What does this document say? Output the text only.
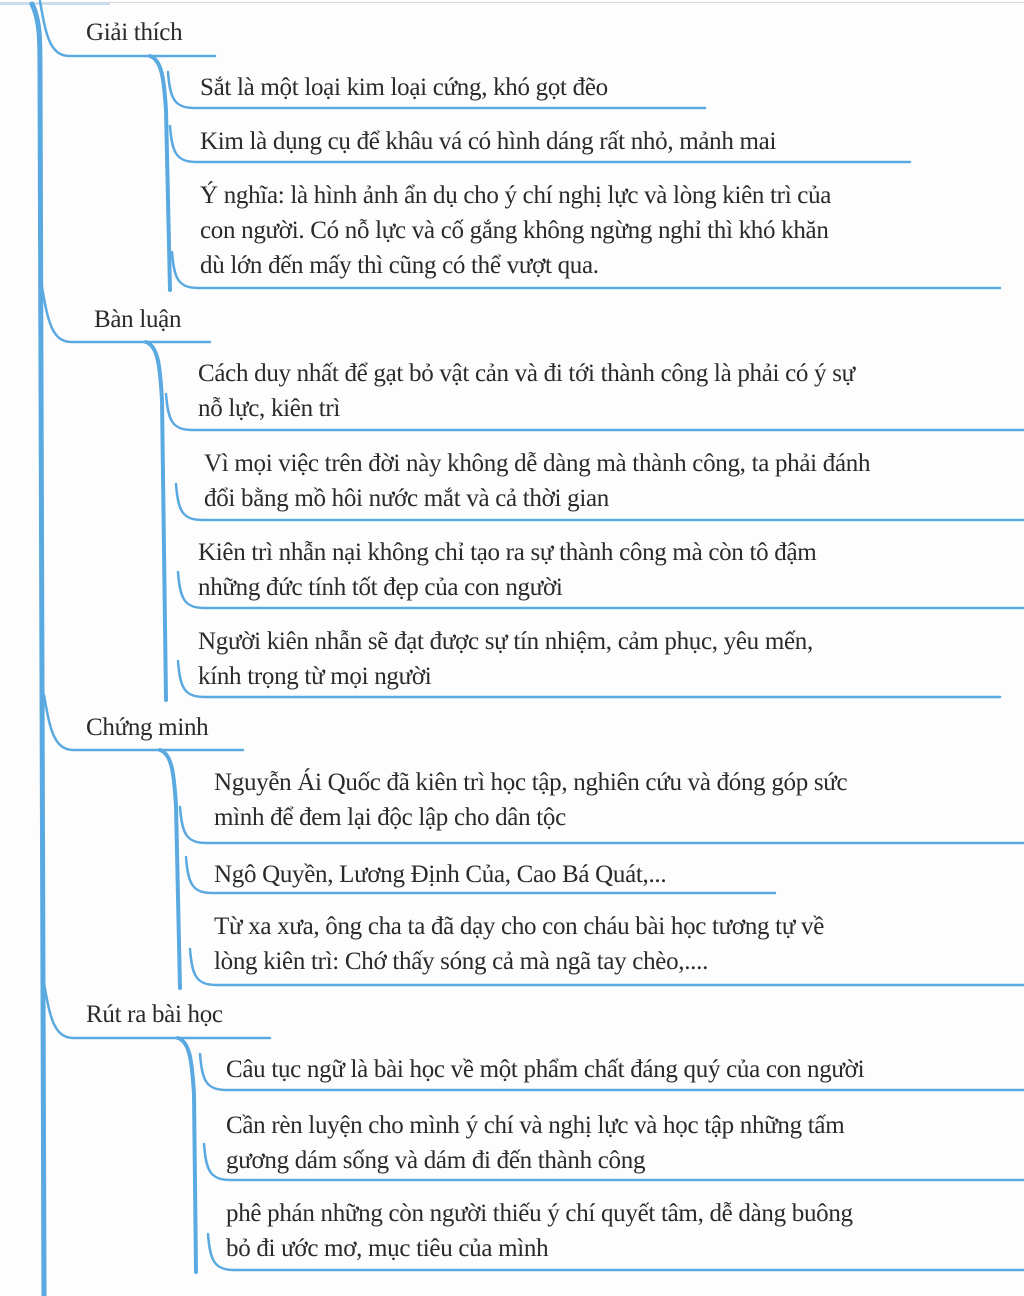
Giải thích
Sắt là một loại kim loại cứng, khó gọt đẽo
Kim là dụng cụ để khâu vá có hình dáng rất nhỏ, mảnh mai
Ý nghĩa: là hình ảnh ẩn dụ cho ý chí nghị lực và lòng kiên trì của
con người. Có nỗ lực và cố gắng không ngừng nghỉ thì khó khăn
dù lớn đến mấy thì cũng có thể vượt qua.
Bàn luận
Cách duy nhất để gạt bỏ vật cản và đi tới thành công là phải có ý sự
nỗ lực, kiên trì
Vì mọi việc trên đời này không dễ dàng mà thành công, ta phải đánh
đổi bằng mồ hôi nước mắt và cả thời gian
Kiên trì nhẫn nại không chỉ tạo ra sự thành công mà còn tô đậm
những đức tính tốt đẹp của con người
Người kiên nhẫn sẽ đạt được sự tín nhiệm, cảm phục, yêu mến,
kính trọng từ mọi người
Chứng minh
Nguyễn Ái Quốc đã kiên trì học tập, nghiên cứu và đóng góp sức
mình để đem lại độc lập cho dân tộc
Ngô Quyền, Lương Định Của, Cao Bá Quát,...
Từ xa xưa, ông cha ta đã dạy cho con cháu bài học tương tự về
lòng kiên trì: Chớ thấy sóng cả mà ngã tay chèo,....
Rút ra bài học
Câu tục ngữ là bài học về một phẩm chất đáng quý của con người
Cần rèn luyện cho mình ý chí và nghị lực và học tập những tấm
gương dám sống và dám đi đến thành công
phê phán những còn người thiếu ý chí quyết tâm, dễ dàng buông
bỏ đi ước mơ, mục tiêu của mình
